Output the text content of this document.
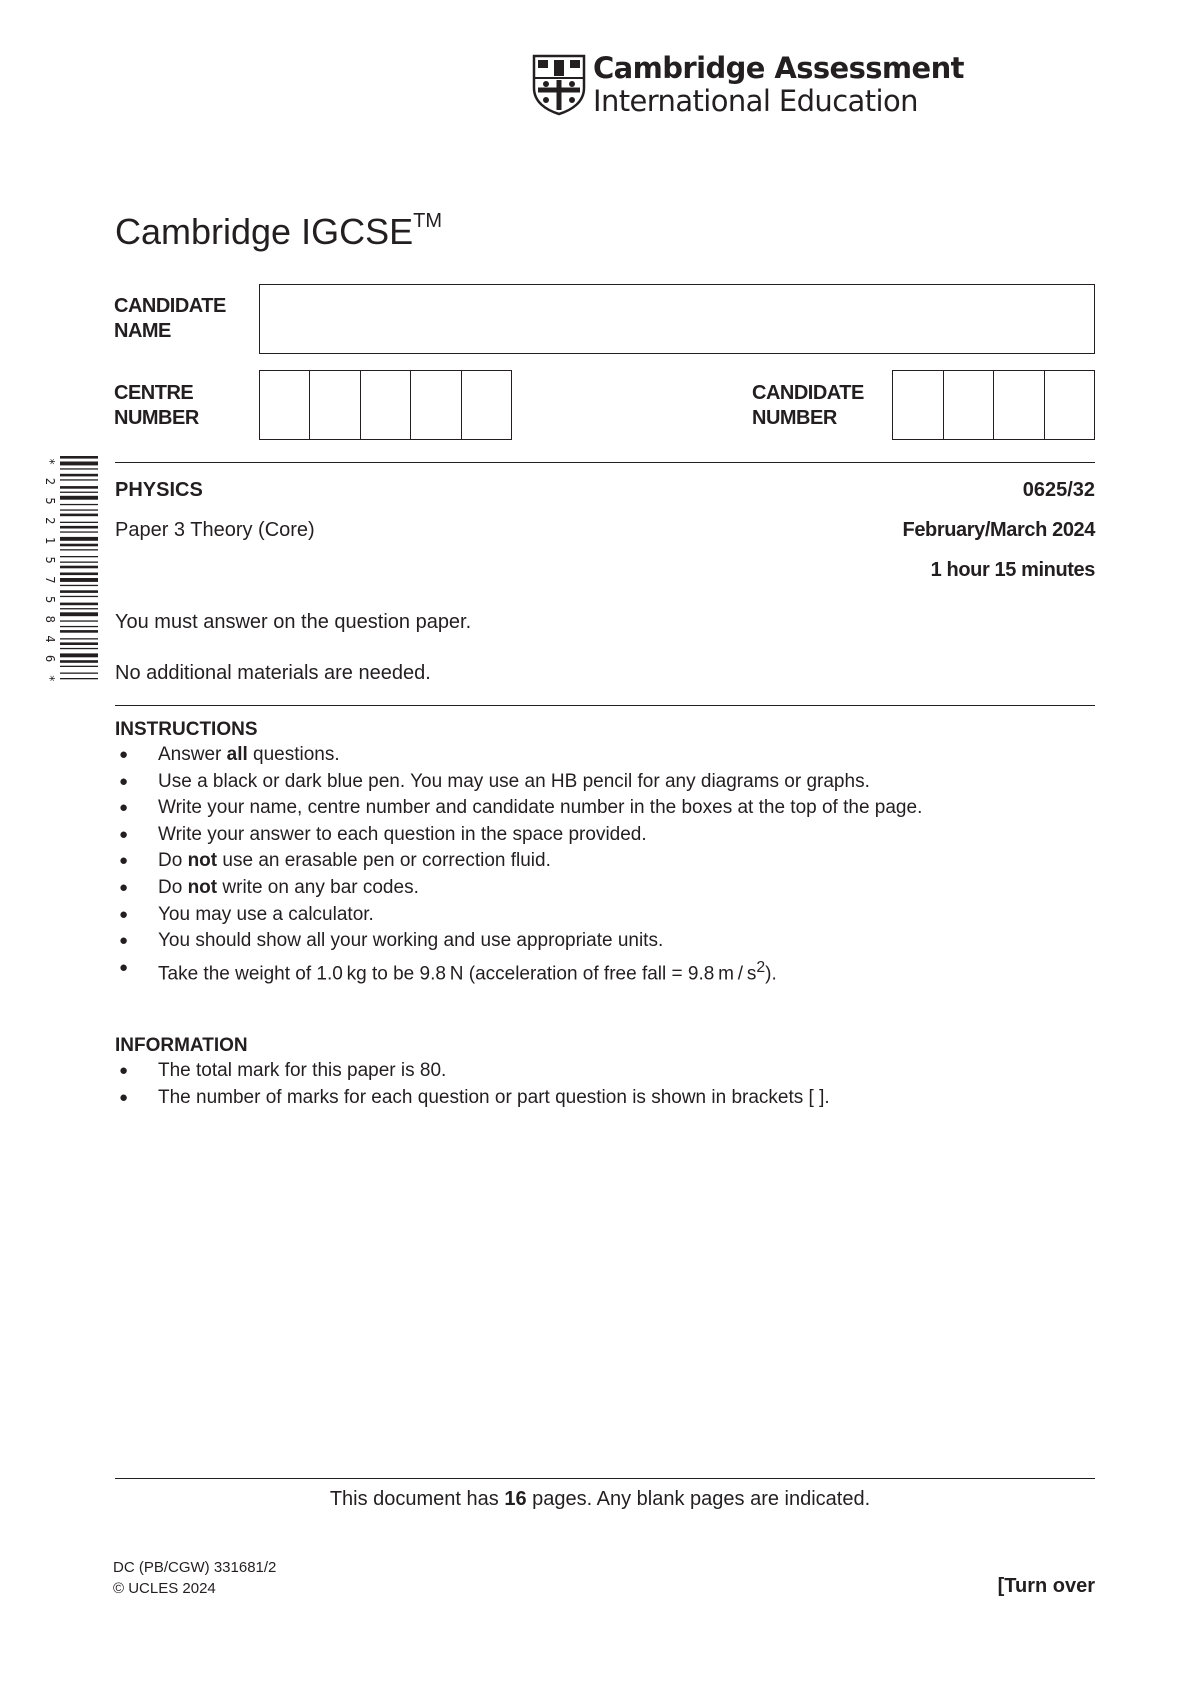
Cambridge Assessment
International Education
Cambridge IGCSE™
CANDIDATE
NAME
CENTRE
NUMBER
CANDIDATE
NUMBER
*2521575846*
PHYSICS	0625/32
Paper 3 Theory (Core)	February/March 2024
1 hour 15 minutes
You must answer on the question paper.
No additional materials are needed.
INSTRUCTIONS
● Answer all questions.
● Use a black or dark blue pen. You may use an HB pencil for any diagrams or graphs.
● Write your name, centre number and candidate number in the boxes at the top of the page.
● Write your answer to each question in the space provided.
● Do not use an erasable pen or correction fluid.
● Do not write on any bar codes.
● You may use a calculator.
● You should show all your working and use appropriate units.
● Take the weight of 1.0 kg to be 9.8 N (acceleration of free fall = 9.8 m / $s^2$).
INFORMATION
● The total mark for this paper is 80.
● The number of marks for each question or part question is shown in brackets [ ].
This document has 16 pages. Any blank pages are indicated.
DC (PB/CGW) 331681/2
© UCLES 2024	[Turn over
